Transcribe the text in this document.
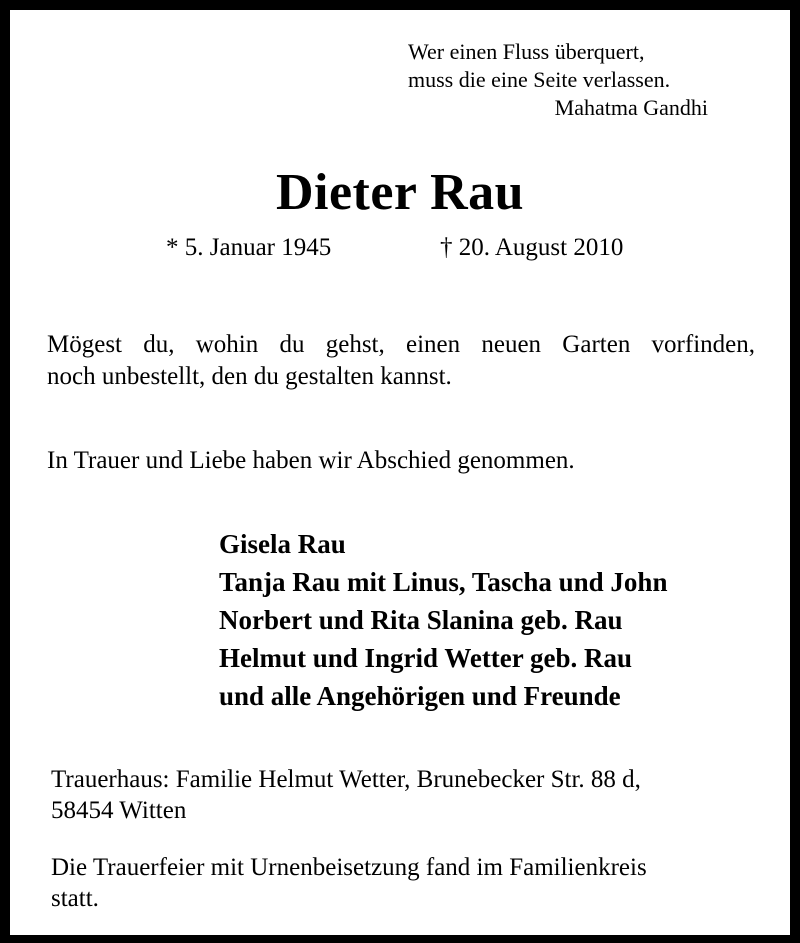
Wer einen Fluss überquert,
muss die eine Seite verlassen.
Mahatma Gandhi
Dieter Rau
* 5. Januar 1945	† 20. August 2010
Mögest du, wohin du gehst, einen neuen Garten vorfinden,
noch unbestellt, den du gestalten kannst.
In Trauer und Liebe haben wir Abschied genommen.
Gisela Rau
Tanja Rau mit Linus, Tascha und John
Norbert und Rita Slanina geb. Rau
Helmut und Ingrid Wetter geb. Rau
und alle Angehörigen und Freunde
Trauerhaus: Familie Helmut Wetter, Brunebecker Str. 88 d,
58454 Witten
Die Trauerfeier mit Urnenbeisetzung fand im Familienkreis
statt.
